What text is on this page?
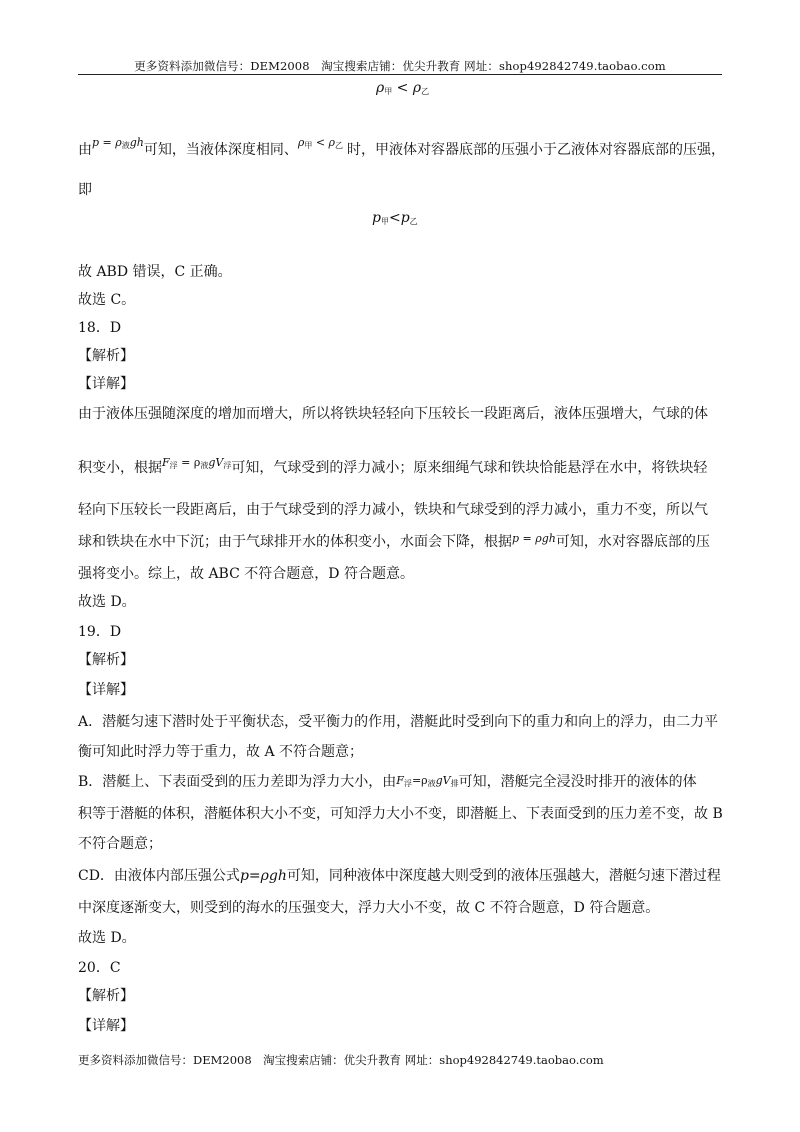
更多资料添加微信号：DEM2008　淘宝搜索店铺：优尖升教育 网址：shop492842749.taobao.com
$\rho_甲 < \rho_乙$
由$^{p = \rho_液gh}$可知，当液体深度相同、$^{\rho_甲 < \rho_乙}$ 时，甲液体对容器底部的压强小于乙液体对容器底部的压强，
即
$p_甲<p_乙$
故 ABD 错误，C 正确。
故选 C。
18．D
【解析】
【详解】
由于液体压强随深度的增加而增大，所以将铁块轻轻向下压较长一段距离后，液体压强增大，气球的体
积变小，根据$^{F_浮 = \rho_液gV_浮}$可知，气球受到的浮力减小；原来细绳气球和铁块恰能悬浮在水中，将铁块轻
轻向下压较长一段距离后，由于气球受到的浮力减小，铁块和气球受到的浮力减小，重力不变，所以气
球和铁块在水中下沉；由于气球排开水的体积变小，水面会下降，根据$^{p = \rho gh}$可知，水对容器底部的压
强将变小。综上，故 ABC 不符合题意，D 符合题意。
故选 D。
19．D
【解析】
【详解】
A．潜艇匀速下潜时处于平衡状态，受平衡力的作用，潜艇此时受到向下的重力和向上的浮力，由二力平
衡可知此时浮力等于重力，故 A 不符合题意；
B．潜艇上、下表面受到的压力差即为浮力大小，由$F_浮=\rho_液gV_排$可知，潜艇完全浸没时排开的液体的体
积等于潜艇的体积，潜艇体积大小不变，可知浮力大小不变，即潜艇上、下表面受到的压力差不变，故 B
不符合题意；
CD．由液体内部压强公式p=ρgh可知，同种液体中深度越大则受到的液体压强越大，潜艇匀速下潜过程
中深度逐渐变大，则受到的海水的压强变大，浮力大小不变，故 C 不符合题意，D 符合题意。
故选 D。
20．C
【解析】
【详解】
更多资料添加微信号：DEM2008　淘宝搜索店铺：优尖升教育 网址：shop492842749.taobao.com
